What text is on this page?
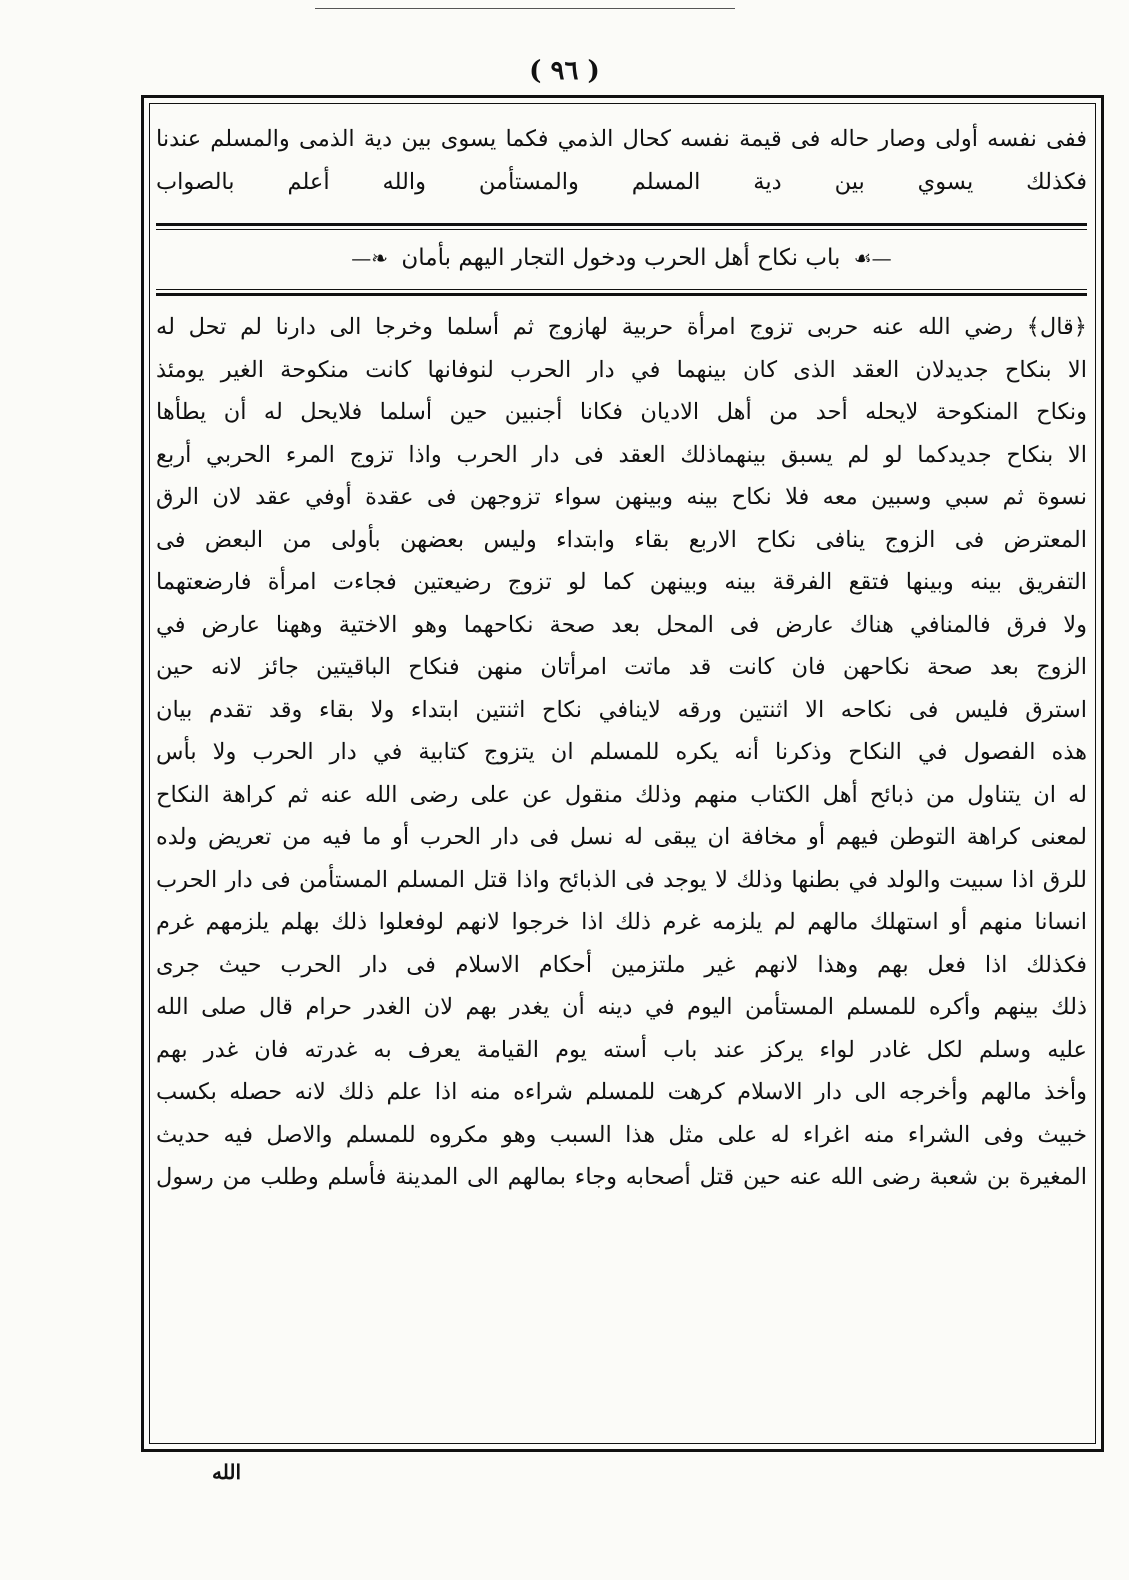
( ٩٦ )
ففى نفسه أولى وصار حاله فى قيمة نفسه كحال الذمي فكما يسوى بين دية الذمى والمسلم عندنا
فكذلك يسوي بين دية المسلم والمستأمن والله أعلم بالصواب
—☙ باب نكاح أهل الحرب ودخول التجار اليهم بأمان ❧—
﴿قال﴾ رضي الله عنه حربى تزوج امرأة حربية لهازوج ثم أسلما وخرجا الى دارنا لم تحل له
الا بنكاح جديدلان العقد الذى كان بينهما في دار الحرب لنوفانها كانت منكوحة الغير يومئذ
ونكاح المنكوحة لايحله أحد من أهل الاديان فكانا أجنبين حين أسلما فلايحل له أن يطأها
الا بنكاح جديدكما لو لم يسبق بينهماذلك العقد فى دار الحرب واذا تزوج المرء الحربي أربع
نسوة ثم سبي وسبين معه فلا نكاح بينه وبينهن سواء تزوجهن فى عقدة أوفي عقد لان الرق
المعترض فى الزوج ينافى نكاح الاربع بقاء وابتداء وليس بعضهن بأولى من البعض فى
التفريق بينه وبينها فتقع الفرقة بينه وبينهن كما لو تزوج رضيعتين فجاءت امرأة فارضعتهما
ولا فرق فالمنافي هناك عارض فى المحل بعد صحة نكاحهما وهو الاختية وههنا عارض في
الزوج بعد صحة نكاحهن فان كانت قد ماتت امرأتان منهن فنكاح الباقيتين جائز لانه حين
استرق فليس فى نكاحه الا اثنتين ورقه لاينافي نكاح اثنتين ابتداء ولا بقاء وقد تقدم بيان
هذه الفصول في النكاح وذكرنا أنه يكره للمسلم ان يتزوج كتابية في دار الحرب ولا بأس
له ان يتناول من ذبائح أهل الكتاب منهم وذلك منقول عن على رضى الله عنه ثم كراهة النكاح
لمعنى كراهة التوطن فيهم أو مخافة ان يبقى له نسل فى دار الحرب أو ما فيه من تعريض ولده
للرق اذا سبيت والولد في بطنها وذلك لا يوجد فى الذبائح واذا قتل المسلم المستأمن فى دار الحرب
انسانا منهم أو استهلك مالهم لم يلزمه غرم ذلك اذا خرجوا لانهم لوفعلوا ذلك بهلم يلزمهم غرم
فكذلك اذا فعل بهم وهذا لانهم غير ملتزمين أحكام الاسلام فى دار الحرب حيث جرى
ذلك بينهم وأكره للمسلم المستأمن اليوم في دينه أن يغدر بهم لان الغدر حرام قال صلى الله
عليه وسلم لكل غادر لواء يركز عند باب أسته يوم القيامة يعرف به غدرته فان غدر بهم
وأخذ مالهم وأخرجه الى دار الاسلام كرهت للمسلم شراءه منه اذا علم ذلك لانه حصله بكسب
خبيث وفى الشراء منه اغراء له على مثل هذا السبب وهو مكروه للمسلم والاصل فيه حديث
المغيرة بن شعبة رضى الله عنه حين قتل أصحابه وجاء بمالهم الى المدينة فأسلم وطلب من رسول
الله
